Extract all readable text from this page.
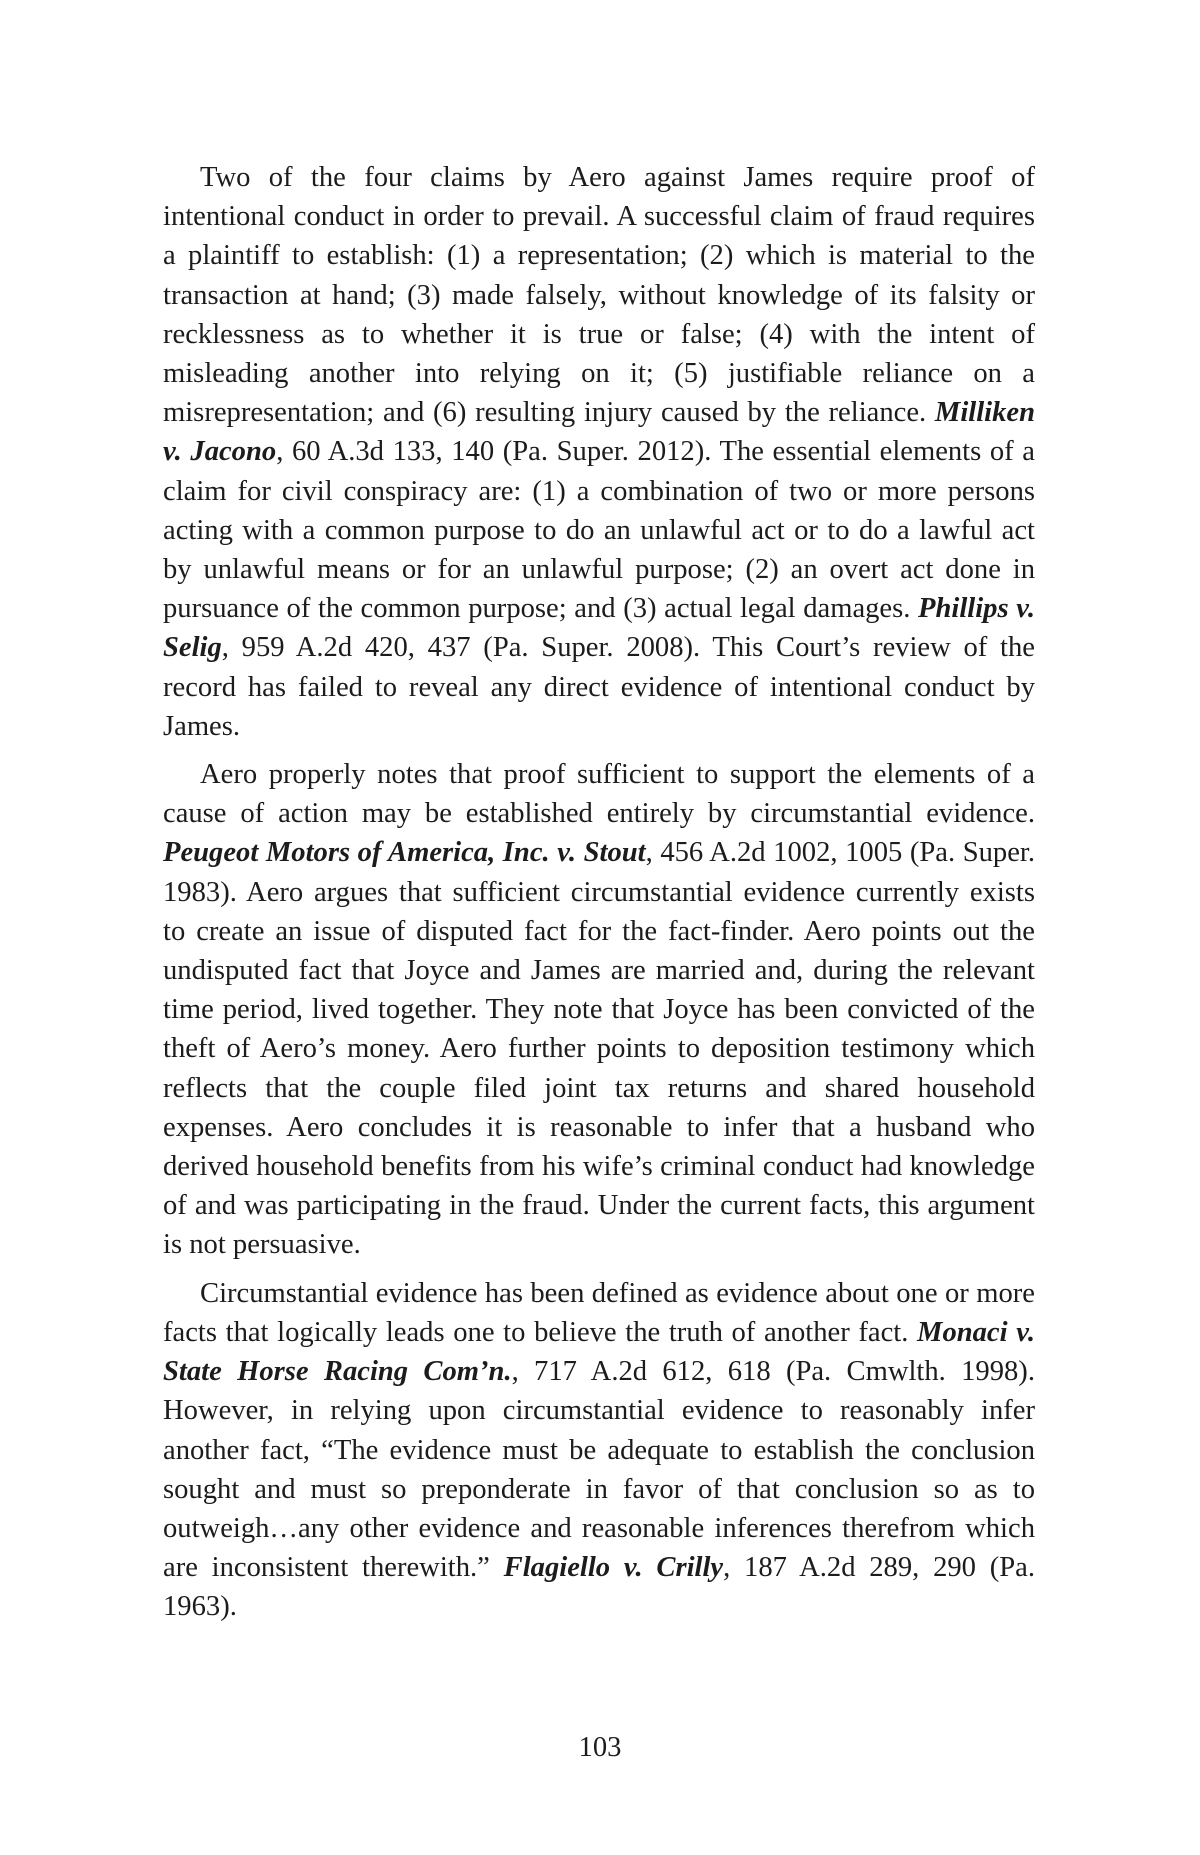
Two of the four claims by Aero against James require proof of intentional conduct in order to prevail. A successful claim of fraud requires a plaintiff to establish: (1) a representation; (2) which is material to the transaction at hand; (3) made falsely, without knowledge of its falsity or recklessness as to whether it is true or false; (4) with the intent of misleading another into relying on it; (5) justifiable reliance on a misrepresentation; and (6) resulting injury caused by the reliance. Milliken v. Jacono, 60 A.3d 133, 140 (Pa. Super. 2012). The essential elements of a claim for civil conspiracy are: (1) a combination of two or more persons acting with a common purpose to do an unlawful act or to do a lawful act by unlawful means or for an unlawful purpose; (2) an overt act done in pursuance of the common purpose; and (3) actual legal damages. Phillips v. Selig, 959 A.2d 420, 437 (Pa. Super. 2008). This Court’s review of the record has failed to reveal any direct evidence of intentional conduct by James.

Aero properly notes that proof sufficient to support the elements of a cause of action may be established entirely by circumstantial evidence. Peugeot Motors of America, Inc. v. Stout, 456 A.2d 1002, 1005 (Pa. Super. 1983). Aero argues that sufficient circumstantial evidence currently exists to create an issue of disputed fact for the fact-finder. Aero points out the undisputed fact that Joyce and James are married and, during the relevant time period, lived together. They note that Joyce has been convicted of the theft of Aero’s money. Aero further points to deposition testimony which reflects that the couple filed joint tax returns and shared household expenses. Aero concludes it is reasonable to infer that a husband who derived household benefits from his wife’s criminal conduct had knowledge of and was participating in the fraud. Under the current facts, this argument is not persuasive.

Circumstantial evidence has been defined as evidence about one or more facts that logically leads one to believe the truth of another fact. Monaci v. State Horse Racing Com’n., 717 A.2d 612, 618 (Pa. Cmwlth. 1998). However, in relying upon circumstantial evidence to reasonably infer another fact, “The evidence must be adequate to establish the conclusion sought and must so preponderate in favor of that conclusion so as to outweigh…any other evidence and reasonable inferences therefrom which are inconsistent therewith.” Flagiello v. Crilly, 187 A.2d 289, 290 (Pa. 1963).

103
